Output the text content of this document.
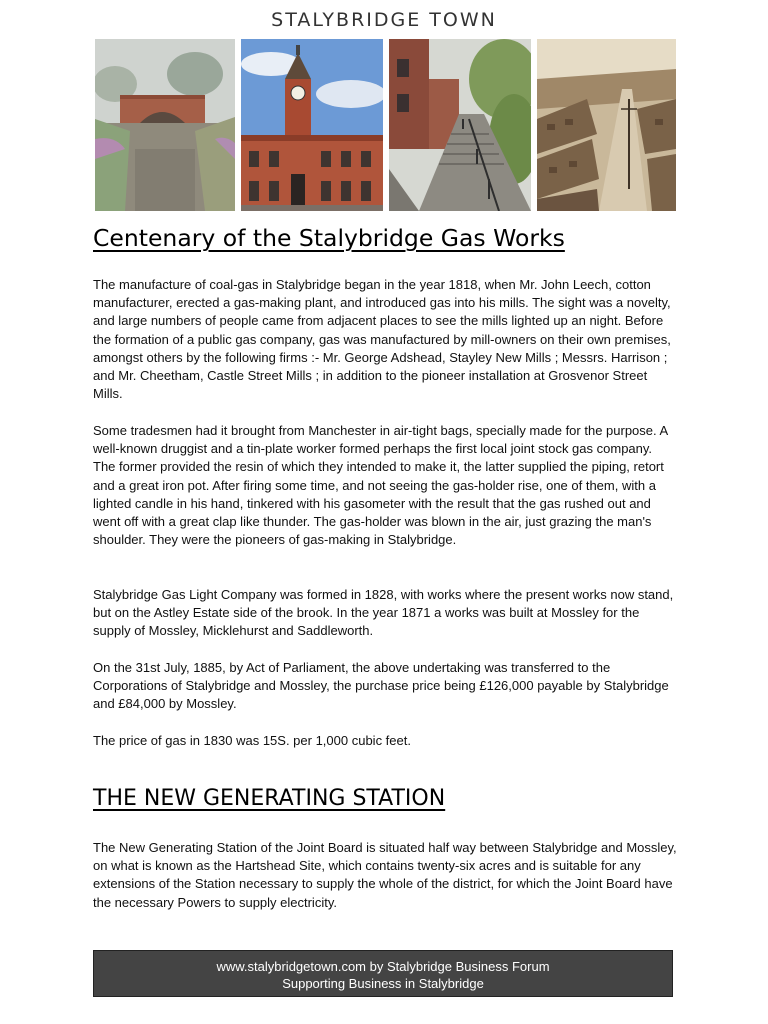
STALYBRIDGE TOWN
Centenary of the Stalybridge Gas Works

The manufacture of coal-gas in Stalybridge began in the year 1818, when Mr. John Leech, cotton manufacturer, erected a gas-making plant, and introduced gas into his mills. The sight was a novelty, and large numbers of people came from adjacent places to see the mills lighted up an night. Before the formation of a public gas company, gas was manufactured by mill-owners on their own premises, amongst others by the following firms :- Mr. George Adshead, Stayley New Mills ; Messrs. Harrison ; and Mr. Cheetham, Castle Street Mills ; in addition to the pioneer installation at Grosvenor Street Mills.

Some tradesmen had it brought from Manchester in air-tight bags, specially made for the purpose. A well-known druggist and a tin-plate worker formed perhaps the first local joint stock gas company. The former provided the resin of which they intended to make it, the latter supplied the piping, retort and a great iron pot. After firing some time, and not seeing the gas-holder rise, one of them, with a lighted candle in his hand, tinkered with his gasometer with the result that the gas rushed out and went off with a great clap like thunder. The gas-holder was blown in the air, just grazing the man's shoulder. They were the pioneers of gas-making in Stalybridge.

Stalybridge Gas Light Company was formed in 1828, with works where the present works now stand, but on the Astley Estate side of the brook. In the year 1871 a works was built at Mossley for the supply of Mossley, Micklehurst and Saddleworth.

On the 31st July, 1885, by Act of Parliament, the above undertaking was transferred to the Corporations of Stalybridge and Mossley, the purchase price being £126,000 payable by Stalybridge and £84,000 by Mossley.

The price of gas in 1830 was 15S. per 1,000 cubic feet.

THE NEW GENERATING STATION

The New Generating Station of the Joint Board is situated half way between Stalybridge and Mossley, on what is known as the Hartshead Site, which contains twenty-six acres and is suitable for any extensions of the Station necessary to supply the whole of the district, for which the Joint Board have the necessary Powers to supply electricity.

www.stalybridgetown.com by Stalybridge Business Forum
Supporting Business in Stalybridge
